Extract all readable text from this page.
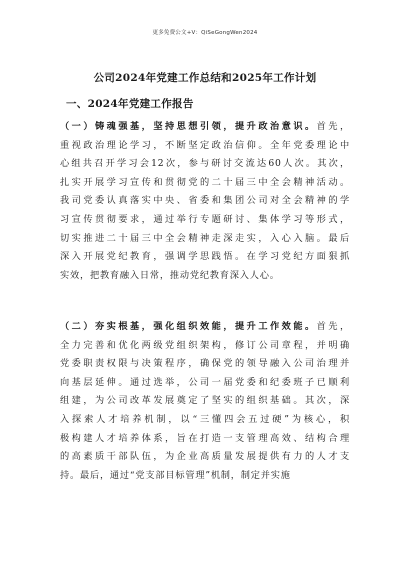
更多免费公文+V：QiSeGongWen2024
公司2024年党建工作总结和2025年工作计划
一、2024年党建工作报告
（一）铸魂强基，坚持思想引领，提升政治意识。首先，
重视政治理论学习，不断坚定政治信仰。全年党委理论中
心组共召开学习会12次，参与研讨交流达60人次。其次，
扎实开展学习宣传和贯彻党的二十届三中全会精神活动。
我司党委认真落实中央、省委和集团公司对全会精神的学
习宣传贯彻要求，通过举行专题研讨、集体学习等形式，
切实推进二十届三中全会精神走深走实，入心入脑。最后
深入开展党纪教育，强调学思践悟。在学习党纪方面狠抓
实效，把教育融入日常，推动党纪教育深入人心。
（二）夯实根基，强化组织效能，提升工作效能。首先，
全力完善和优化两级党组织架构，修订公司章程，并明确
党委职责权限与决策程序，确保党的领导融入公司治理并
向基层延伸。通过选举，公司一届党委和纪委班子已顺利
组建，为公司改革发展奠定了坚实的组织基础。其次，深
入探索人才培养机制，以“三懂四会五过硬”为核心，积
极构建人才培养体系，旨在打造一支管理高效、结构合理
的高素质干部队伍，为企业高质量发展提供有力的人才支
持。最后，通过“党支部目标管理”机制，制定并实施
